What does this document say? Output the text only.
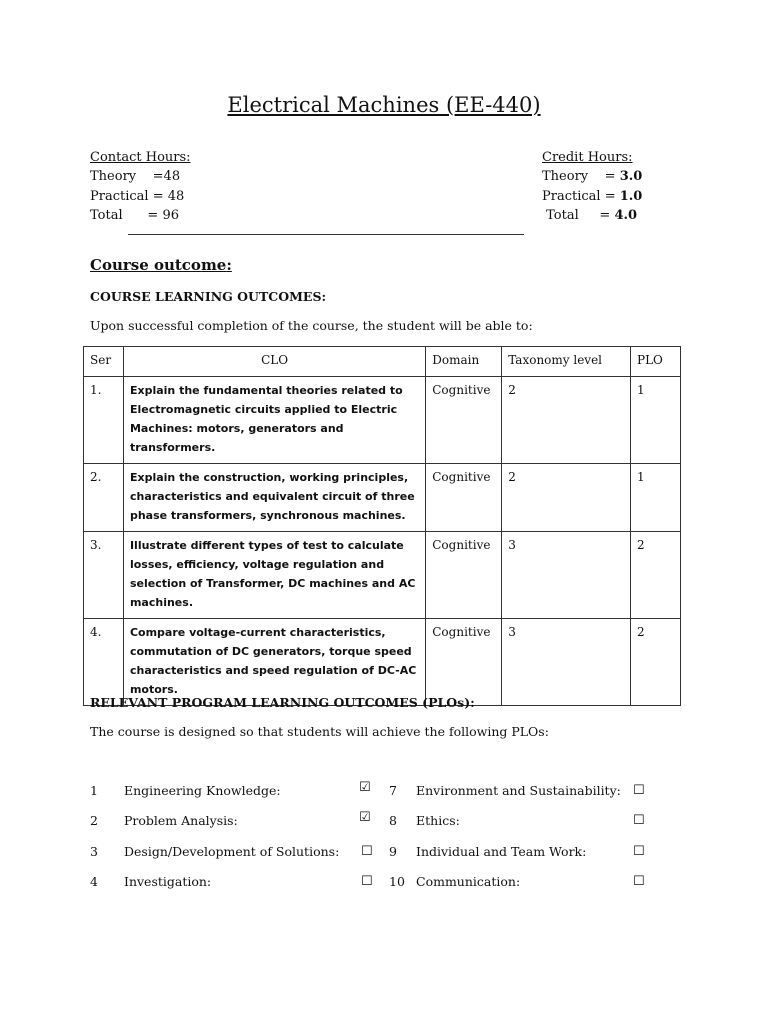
Electrical Machines (EE-440)
Contact Hours:
Theory    =48
Practical = 48
Total      = 96
Credit Hours:
Theory    = 3.0
Practical = 1.0
Total     = 4.0
Course outcome:
COURSE LEARNING OUTCOMES:
Upon successful completion of the course, the student will be able to:
Ser	CLO	Domain	Taxonomy level	PLO
1.	Explain the fundamental theories related to Electromagnetic circuits applied to Electric Machines: motors, generators and transformers.	Cognitive	2	1
2.	Explain the construction, working principles, characteristics and equivalent circuit of three phase transformers, synchronous machines.	Cognitive	2	1
3.	Illustrate different types of test to calculate losses, efficiency, voltage regulation and selection of Transformer, DC machines and AC machines.	Cognitive	3	2
4.	Compare voltage-current characteristics, commutation of DC generators, torque speed characteristics and speed regulation of DC-AC motors.	Cognitive	3	2
RELEVANT PROGRAM LEARNING OUTCOMES (PLOs):
The course is designed so that students will achieve the following PLOs:
1 Engineering Knowledge:	☑
2 Problem Analysis:	☑
3 Design/Development of Solutions: ☐
4 Investigation:	☐
7 Environment and Sustainability: ☐
8 Ethics:	☐
9 Individual and Team Work:	☐
10 Communication:	☐
